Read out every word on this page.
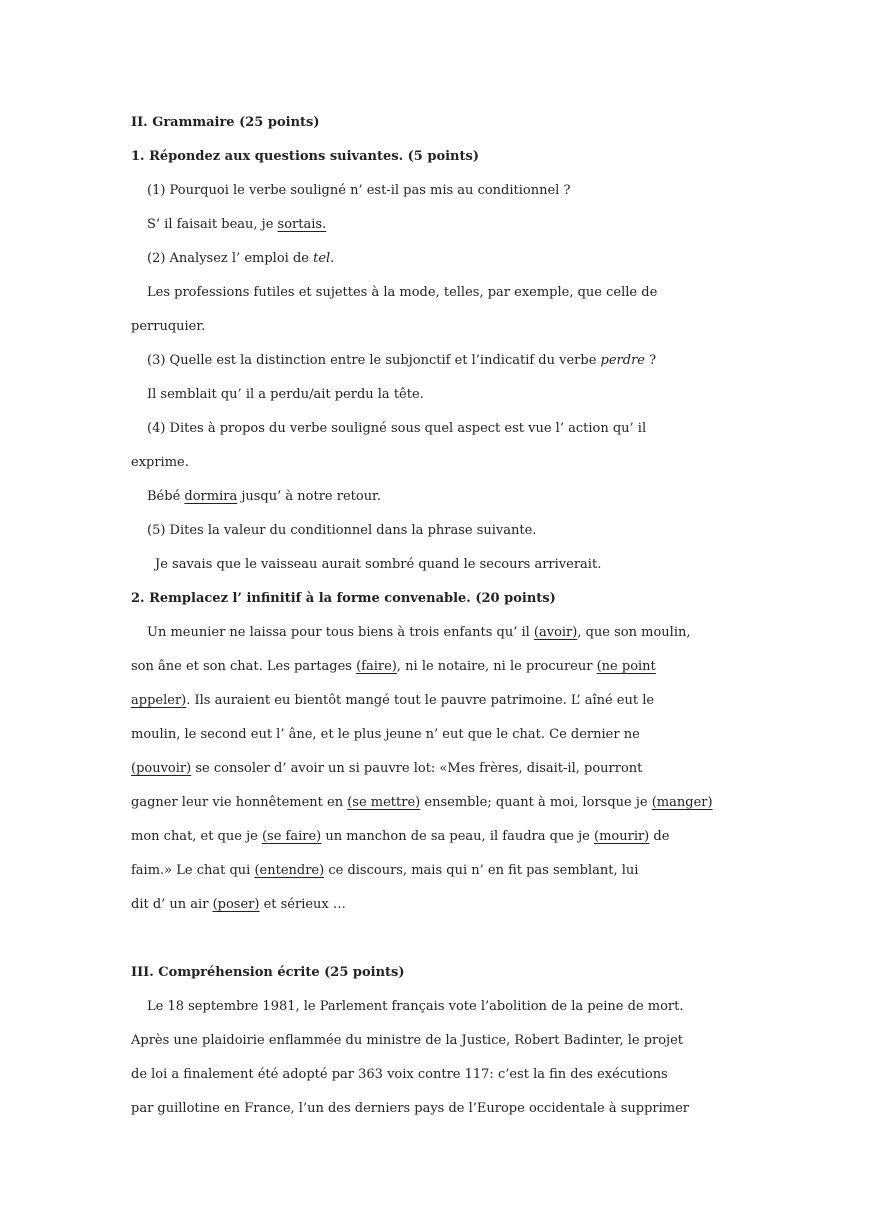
II. Grammaire (25 points)
1. Répondez aux questions suivantes. (5 points)
(1) Pourquoi le verbe souligné n’ est-il pas mis au conditionnel ?
S’ il faisait beau, je sortais.
(2) Analysez l’ emploi de tel.
Les professions futiles et sujettes à la mode, telles, par exemple, que celle de
perruquier.
(3) Quelle est la distinction entre le subjonctif et l’indicatif du verbe perdre ?
Il semblait qu’ il a perdu/ait perdu la tête.
(4) Dites à propos du verbe souligné sous quel aspect est vue l’ action qu’ il
exprime.
Bébé dormira jusqu’ à notre retour.
(5) Dites la valeur du conditionnel dans la phrase suivante.
Je savais que le vaisseau aurait sombré quand le secours arriverait.
2. Remplacez l’ infinitif à la forme convenable. (20 points)
Un meunier ne laissa pour tous biens à trois enfants qu’ il (avoir), que son moulin,
son âne et son chat. Les partages (faire), ni le notaire, ni le procureur (ne point
appeler). Ils auraient eu bientôt mangé tout le pauvre patrimoine. L’ aîné eut le
moulin, le second eut l’ âne, et le plus jeune n’ eut que le chat. Ce dernier ne
(pouvoir) se consoler d’ avoir un si pauvre lot: «Mes frères, disait-il, pourront
gagner leur vie honnêtement en (se mettre) ensemble; quant à moi, lorsque je (manger)
mon chat, et que je (se faire) un manchon de sa peau, il faudra que je (mourir) de
faim.» Le chat qui (entendre) ce discours, mais qui n’ en fit pas semblant, lui
dit d’ un air (poser) et sérieux …
III. Compréhension écrite (25 points)
Le 18 septembre 1981, le Parlement français vote l’abolition de la peine de mort.
Après une plaidoirie enflammée du ministre de la Justice, Robert Badinter, le projet
de loi a finalement été adopté par 363 voix contre 117: c’est la fin des exécutions
par guillotine en France, l’un des derniers pays de l’Europe occidentale à supprimer
